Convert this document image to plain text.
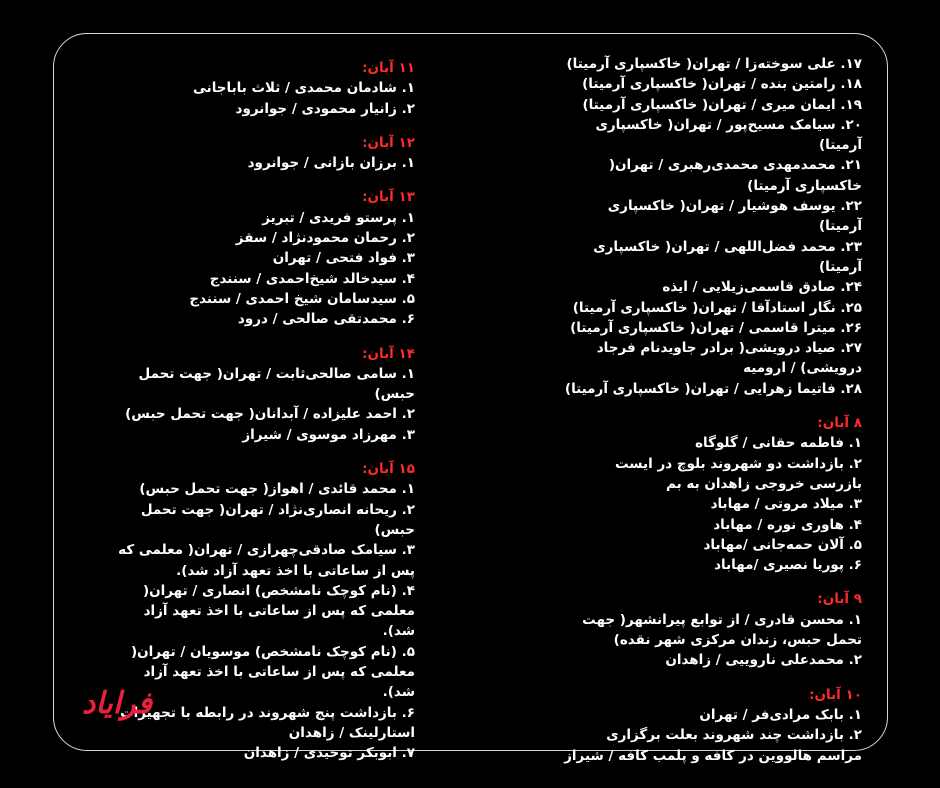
۱۷. علی سوخته‌زا / تهران( خاکسپاری آرمیتا)
۱۸. رامتین بنده / تهران( خاکسپاری آرمیتا)
۱۹. ایمان میری / تهران( خاکسپاری آرمیتا)
۲۰. سیامک مسیح‌پور / تهران( خاکسپاری آرمیتا)
۲۱. محمدمهدی محمدی‌رهبری / تهران( خاکسپاری آرمیتا)
۲۲. یوسف هوشیار / تهران( خاکسپاری آرمیتا)
۲۳. محمد فضل‌اللهی / تهران( خاکسپاری آرمیتا)
۲۴. صادق قاسمی‌زیلایی / ایذه
۲۵. نگار استادآقا / تهران( خاکسپاری آرمیتا)
۲۶. میترا قاسمی / تهران( خاکسپاری آرمیتا)
۲۷. صیاد درویشی( برادر جاویدنام فرجاد درویشی) / ارومیه
۲۸. فاتیما زهرایی / تهران( خاکسپاری آرمیتا)
۸ آبان:
۱. فاطمه حقانی / گلوگاه
۲. بازداشت دو شهروند بلوچ در ایست بازرسی خروجی زاهدان به بم
۳. میلاد مروتی / مهاباد
۴. هاوری نوره / مهاباد
۵. آلان حمه‌جانی /مهاباد
۶. پوریا نصیری /مهاباد
۹ آبان:
۱. محسن قادری / از توابع پیرانشهر( جهت تحمل حبس، زندان مرکزی شهر نقده)
۲. محمدعلی ناروییی / زاهدان
۱۰ آبان:
۱. بابک مرادی‌فر / تهران
۲. بازداشت چند شهروند بعلت برگزاری مراسم هالووین در کافه و پلمب کافه / شیراز
۱۱ آبان:
۱. شادمان محمدی / ثلاث باباجانی
۲. زانیار محمودی / جوانرود
۱۲ آبان:
۱. برزان بازانی / جوانرود
۱۳ آبان:
۱. پرستو فریدی / تبریز
۲. رحمان محمودنژاد / سقز
۳. فواد فتحی / تهران
۴. سیدخالد شیخ‌احمدی / سنندج
۵. سیدسامان شیخ احمدی / سنندج
۶. محمدتقی صالحی / درود
۱۴ آبان:
۱. سامی صالحی‌ثابت / تهران( جهت تحمل حبس)
۲. احمد علیزاده / آبدانان( جهت تحمل حبس)
۳. مهرزاد موسوی / شیراز
۱۵ آبان:
۱. محمد قائدی / اهواز( جهت تحمل حبس)
۲. ریحانه انصاری‌نژاد / تهران( جهت تحمل حبس)
۳. سیامک صادقی‌چهرازی / تهران( معلمی که پس از ساعاتی با اخذ تعهد آزاد شد).
۴. (نام کوچک نامشخص) انصاری / تهران( معلمی که پس از ساعاتی با اخذ تعهد آزاد شد).
۵. (نام کوچک نامشخص) موسویان / تهران( معلمی که پس از ساعاتی با اخذ تعهد آزاد شد).
۶. بازداشت پنج شهروند در رابطه با تجهیزات استارلینک / زاهدان
۷. ابوبکر توحیدی / زاهدان
فرایاد
